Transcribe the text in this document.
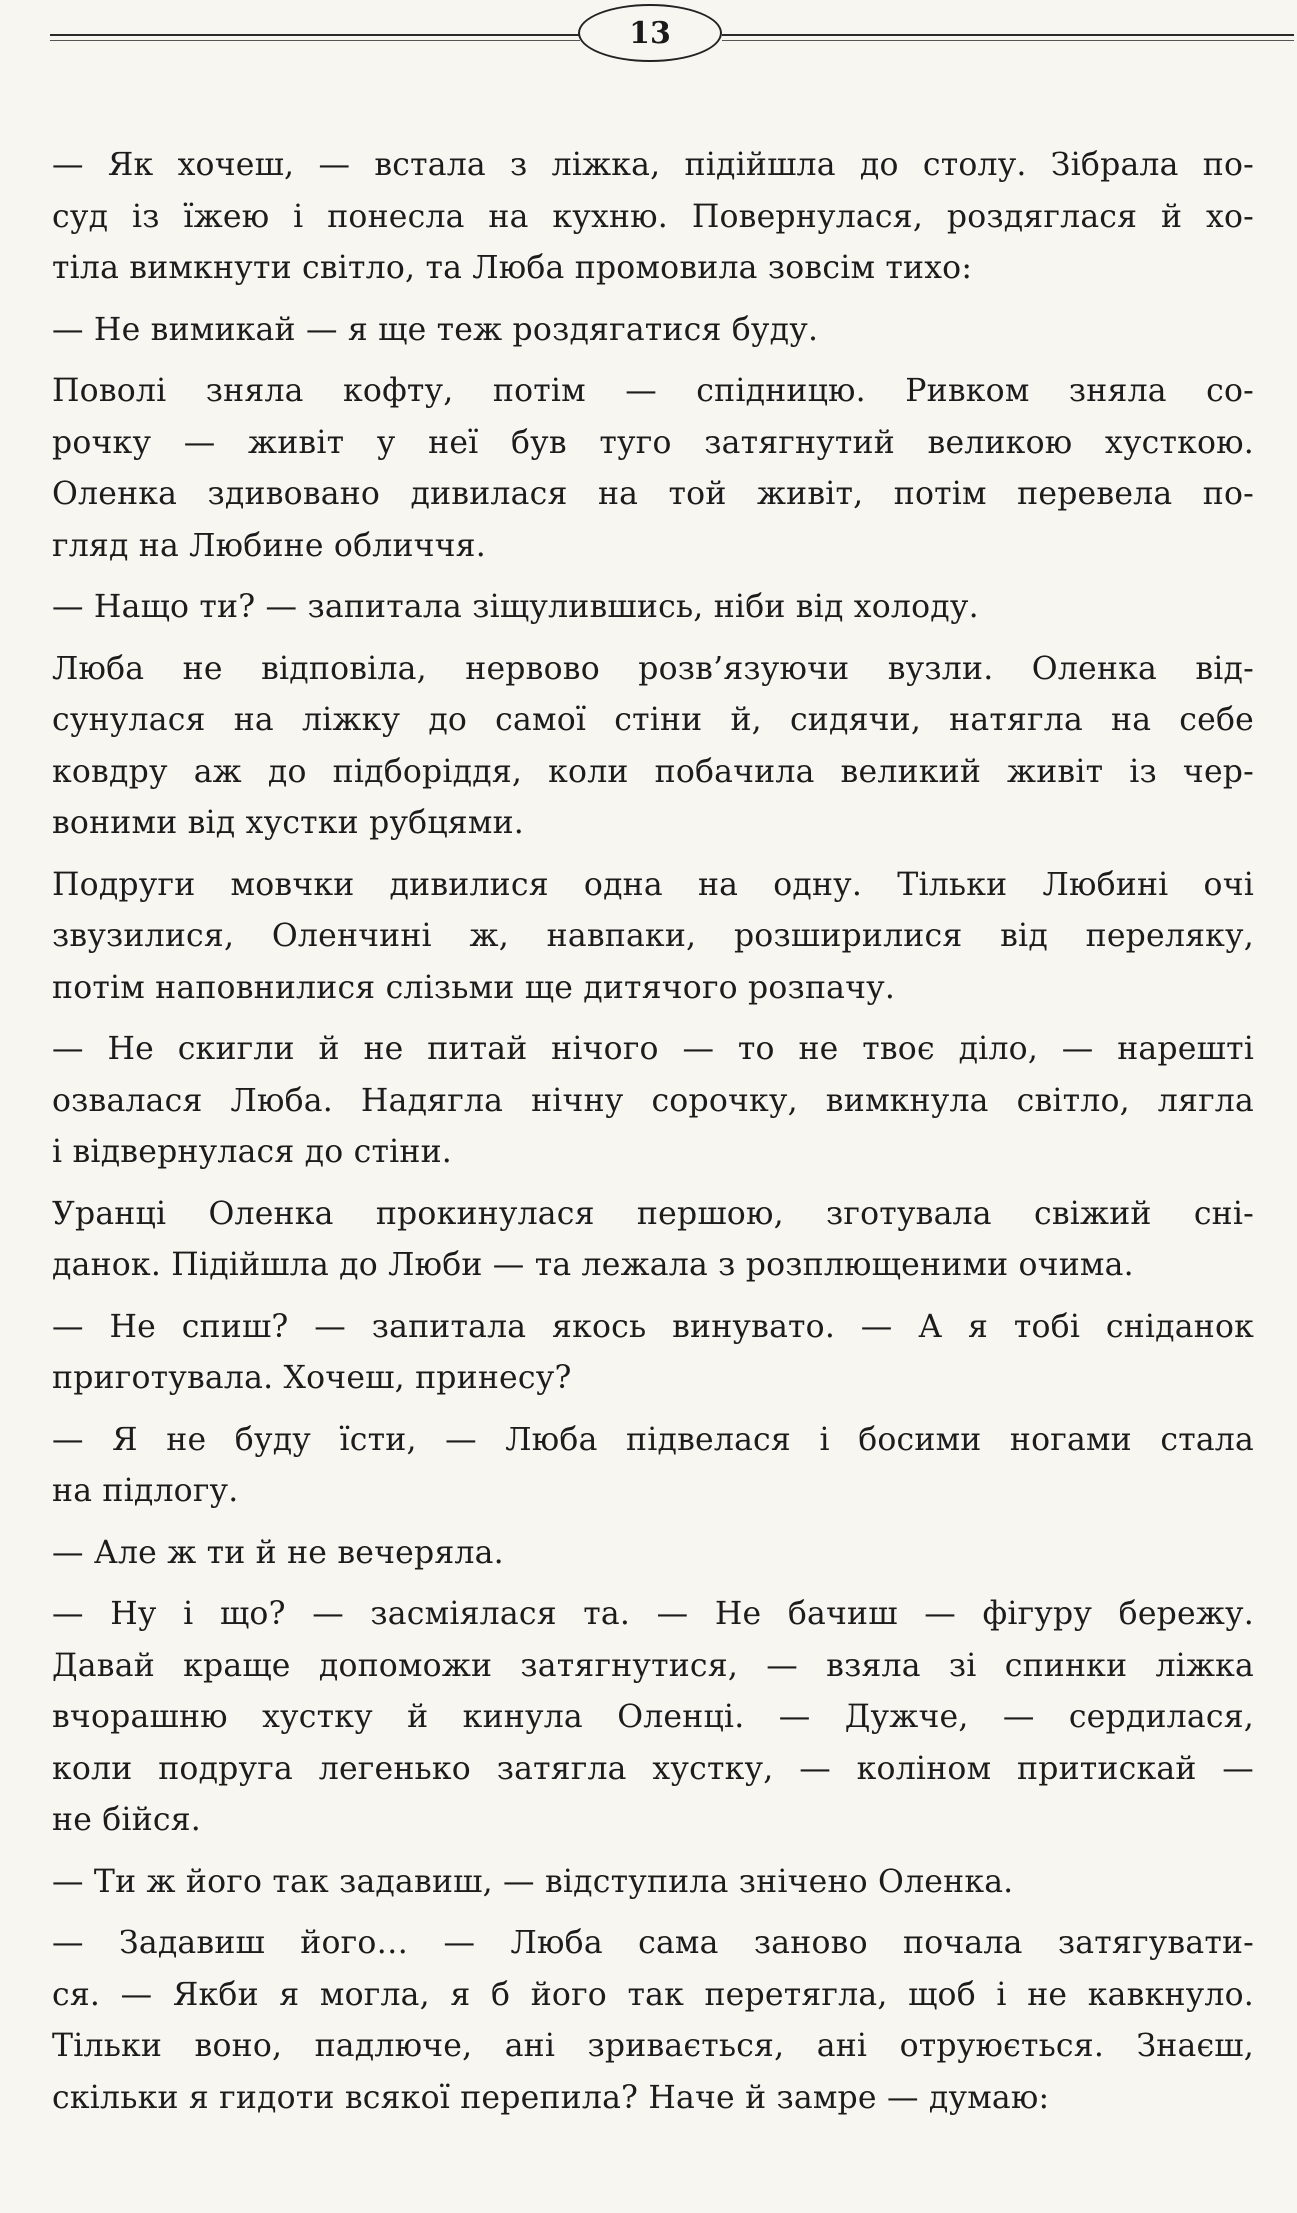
13

— Як хочеш, — встала з ліжка, підійшла до столу. Зібрала по-
суд із їжею і понесла на кухню. Повернулася, роздяглася й хо-
тіла вимкнути світло, та Люба промовила зовсім тихо:

— Не вимикай — я ще теж роздягатися буду.

Поволі зняла кофту, потім — спідницю. Ривком зняла со-
рочку — живіт у неї був туго затягнутий великою хусткою.
Оленка здивовано дивилася на той живіт, потім перевела по-
гляд на Любине обличчя.

— Нащо ти? — запитала зіщулившись, ніби від холоду.

Люба не відповіла, нервово розв’язуючи вузли. Оленка від-
сунулася на ліжку до самої стіни й, сидячи, натягла на себе
ковдру аж до підборіддя, коли побачила великий живіт із чер-
воними від хустки рубцями.

Подруги мовчки дивилися одна на одну. Тільки Любині очі
звузилися, Оленчині ж, навпаки, розширилися від переляку,
потім наповнилися слізьми ще дитячого розпачу.

— Не скигли й не питай нічого — то не твоє діло, — нарешті
озвалася Люба. Надягла нічну сорочку, вимкнула світло, лягла
і відвернулася до стіни.

Уранці Оленка прокинулася першою, зготувала свіжий сні-
данок. Підійшла до Люби — та лежала з розплющеними очима.

— Не спиш? — запитала якось винувато. — А я тобі сніданок
приготувала. Хочеш, принесу?

— Я не буду їсти, — Люба підвелася і босими ногами стала
на підлогу.

— Але ж ти й не вечеряла.

— Ну і що? — засміялася та. — Не бачиш — фігуру бережу.
Давай краще допоможи затягнутися, — взяла зі спинки ліжка
вчорашню хустку й кинула Оленці. — Дужче, — сердилася,
коли подруга легенько затягла хустку, — коліном притискай —
не бійся.

— Ти ж його так задавиш, — відступила знічено Оленка.

— Задавиш його… — Люба сама заново почала затягувати-
ся. — Якби я могла, я б його так перетягла, щоб і не кавкнуло.
Тільки воно, падлюче, ані зривається, ані отруюється. Знаєш,
скільки я гидоти всякої перепила? Наче й замре — думаю:
